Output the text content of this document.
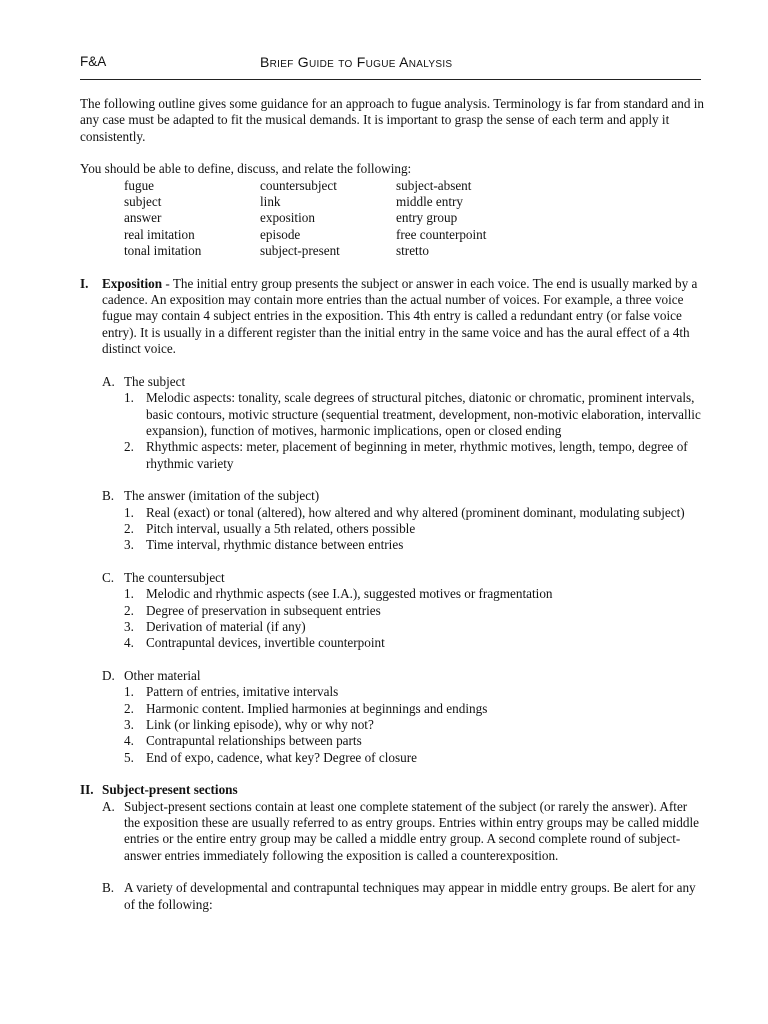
F&A	Brief Guide to Fugue Analysis

The following outline gives some guidance for an approach to fugue analysis. Terminology is far from standard and in any case must be adapted to fit the musical demands. It is important to grasp the sense of each term and apply it consistently.

You should be able to define, discuss, and relate the following:

fugue	countersubject	subject-absent
subject	link	middle entry
answer	exposition	entry group
real imitation	episode	free counterpoint
tonal imitation	subject-present	stretto
I. Exposition - The initial entry group presents the subject or answer in each voice. The end is usually marked by a cadence. An exposition may contain more entries than the actual number of voices. For example, a three voice fugue may contain 4 subject entries in the exposition. This 4th entry is called a redundant entry (or false voice entry). It is usually in a different register than the initial entry in the same voice and has the aural effect of a 4th distinct voice.

A. The subject

1. Melodic aspects: tonality, scale degrees of structural pitches, diatonic or chromatic, prominent intervals, basic contours, motivic structure (sequential treatment, development, non-motivic elaboration, intervallic expansion), function of motives, harmonic implications, open or closed ending

2. Rhythmic aspects: meter, placement of beginning in meter, rhythmic motives, length, tempo, degree of rhythmic variety

B. The answer (imitation of the subject)

1. Real (exact) or tonal (altered), how altered and why altered (prominent dominant, modulating subject)

2. Pitch interval, usually a 5th related, others possible

3. Time interval, rhythmic distance between entries

C. The countersubject

1. Melodic and rhythmic aspects (see I.A.), suggested motives or fragmentation

2. Degree of preservation in subsequent entries

3. Derivation of material (if any)

4. Contrapuntal devices, invertible counterpoint

D. Other material

1. Pattern of entries, imitative intervals

2. Harmonic content. Implied harmonies at beginnings and endings

3. Link (or linking episode), why or why not?

4. Contrapuntal relationships between parts

5. End of expo, cadence, what key? Degree of closure

II. Subject-present sections

A. Subject-present sections contain at least one complete statement of the subject (or rarely the answer). After the exposition these are usually referred to as entry groups. Entries within entry groups may be called middle entries or the entire entry group may be called a middle entry group. A second complete round of subject-answer entries immediately following the exposition is called a counterexposition.

B. A variety of developmental and contrapuntal techniques may appear in middle entry groups. Be alert for any of the following:
